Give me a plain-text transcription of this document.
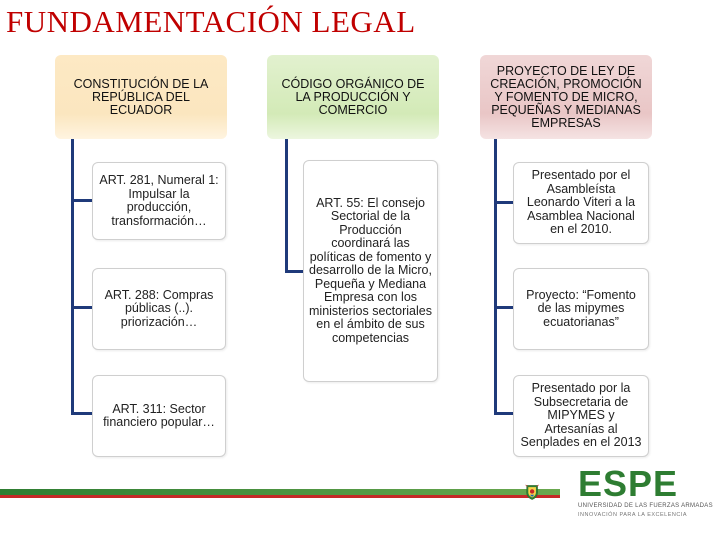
FUNDAMENTACIÓN LEGAL
CONSTITUCIÓN DE LA REPÚBLICA DEL ECUADOR
ART. 281, Numeral 1: Impulsar la producción, transformación…
ART. 288: Compras públicas (..). priorización…
ART. 311: Sector financiero popular…
CÓDIGO ORGÁNICO DE LA PRODUCCIÓN Y COMERCIO
ART. 55: El consejo Sectorial de la Producción coordinará las políticas de fomento y desarrollo de la Micro, Pequeña y Mediana Empresa con los ministerios sectoriales en el ámbito de sus competencias
PROYECTO DE LEY DE CREACIÓN, PROMOCIÓN Y FOMENTO DE MICRO, PEQUEÑAS Y MEDIANAS EMPRESAS
Presentado por el Asambleísta Leonardo Viteri a la Asamblea Nacional en el 2010.
Proyecto: “Fomento de las mipymes ecuatorianas”
Presentado por la Subsecretaria de MIPYMES y Artesanías al Senplades en el 2013
ESPE
UNIVERSIDAD DE LAS FUERZAS ARMADAS
INNOVACIÓN PARA LA EXCELENCIA
